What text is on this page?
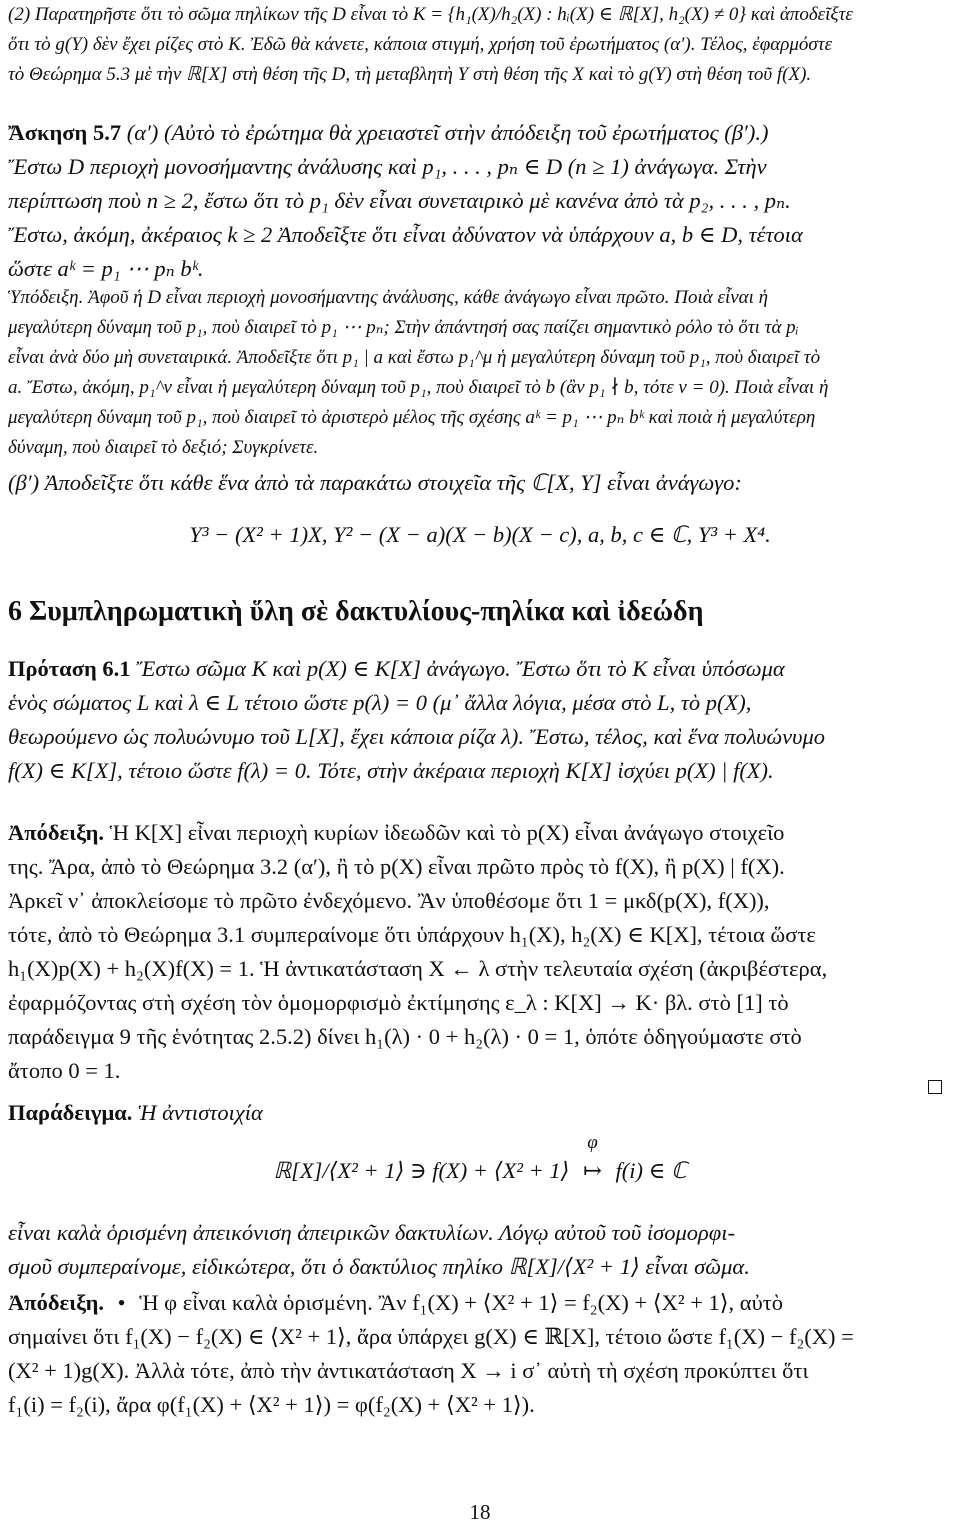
(2) Παρατηρῆστε ὅτι τὸ σῶμα πηλίκων τῆς D εἶναι τὸ K = {h₁(X)/h₂(X) : hᵢ(X) ∈ ℝ[X], h₂(X) ≠ 0} καὶ ἀποδεῖξτε
ὅτι τὸ g(Y) δὲν ἔχει ρίζες στὸ K. Ἐδῶ θὰ κάνετε, κάποια στιγμή, χρήση τοῦ ἐρωτήματος (α′). Τέλος, ἐφαρμόστε
τὸ Θεώρημα 5.3 μὲ τὴν ℝ[X] στὴ θέση τῆς D, τὴ μεταβλητὴ Y στὴ θέση τῆς X καὶ τὸ g(Y) στὴ θέση τοῦ f(X).
Ἄσκηση 5.7 (α′) (Αὐτὸ τὸ ἐρώτημα θὰ χρειαστεῖ στὴν ἀπόδειξη τοῦ ἐρωτήματος (β′).)
Ἔστω D περιοχὴ μονοσήμαντης ἀνάλυσης καὶ p₁, . . . , pₙ ∈ D (n ≥ 1) ἀνάγωγα. Στὴν
περίπτωση ποὺ n ≥ 2, ἔστω ὅτι τὸ p₁ δὲν εἶναι συνεταιρικὸ μὲ κανένα ἀπὸ τὰ p₂, . . . , pₙ.
Ἔστω, ἀκόμη, ἀκέραιος k ≥ 2 Ἀποδεῖξτε ὅτι εἶναι ἀδύνατον νὰ ὑπάρχουν a, b ∈ D, τέτοια
ὥστε aᵏ = p₁ ⋯ pₙ bᵏ.
Ὑπόδειξη. Ἀφοῦ ἡ D εἶναι περιοχὴ μονοσήμαντης ἀνάλυσης, κάθε ἀνάγωγο εἶναι πρῶτο. Ποιὰ εἶναι ἡ
μεγαλύτερη δύναμη τοῦ p₁, ποὺ διαιρεῖ τὸ p₁ ⋯ pₙ; Στὴν ἀπάντησή σας παίζει σημαντικὸ ρόλο τὸ ὅτι τὰ pᵢ
εἶναι ἀνὰ δύο μὴ συνεταιρικά. Ἀποδεῖξτε ὅτι p₁ | a καὶ ἔστω p₁^μ ἡ μεγαλύτερη δύναμη τοῦ p₁, ποὺ διαιρεῖ τὸ
a. Ἔστω, ἀκόμη, p₁^ν εἶναι ἡ μεγαλύτερη δύναμη τοῦ p₁, ποὺ διαιρεῖ τὸ b (ἂν p₁ ∤ b, τότε ν = 0). Ποιὰ εἶναι ἡ
μεγαλύτερη δύναμη τοῦ p₁, ποὺ διαιρεῖ τὸ ἀριστερὸ μέλος τῆς σχέσης aᵏ = p₁ ⋯ pₙ bᵏ καὶ ποιὰ ἡ μεγαλύτερη
δύναμη, ποὺ διαιρεῖ τὸ δεξιό; Συγκρίνετε.
(β′) Ἀποδεῖξτε ὅτι κάθε ἕνα ἀπὸ τὰ παρακάτω στοιχεῖα τῆς ℂ[X, Y] εἶναι ἀνάγωγο:
Y³ − (X² + 1)X, Y² − (X − a)(X − b)(X − c), a, b, c ∈ ℂ, Y³ + X⁴.
6 Συμπληρωματικὴ ὕλη σὲ δακτυλίους-πηλίκα καὶ ἰδεώδη
Πρόταση 6.1 Ἔστω σῶμα K καὶ p(X) ∈ K[X] ἀνάγωγο. Ἔστω ὅτι τὸ K εἶναι ὑπόσωμα
ἑνὸς σώματος L καὶ λ ∈ L τέτοιο ὥστε p(λ) = 0 (μ᾽ ἄλλα λόγια, μέσα στὸ L, τὸ p(X),
θεωρούμενο ὡς πολυώνυμο τοῦ L[X], ἔχει κάποια ρίζα λ). Ἔστω, τέλος, καὶ ἕνα πολυώνυμο
f(X) ∈ K[X], τέτοιο ὥστε f(λ) = 0. Τότε, στὴν ἀκέραια περιοχὴ K[X] ἰσχύει p(X) | f(X).
Ἀπόδειξη. Ἡ K[X] εἶναι περιοχὴ κυρίων ἰδεωδῶν καὶ τὸ p(X) εἶναι ἀνάγωγο στοιχεῖο
της. Ἄρα, ἀπὸ τὸ Θεώρημα 3.2 (α′), ἢ τὸ p(X) εἶναι πρῶτο πρὸς τὸ f(X), ἢ p(X) | f(X).
Ἀρκεῖ ν᾽ ἀποκλείσομε τὸ πρῶτο ἐνδεχόμενο. Ἂν ὑποθέσομε ὅτι 1 = μκδ(p(X), f(X)),
τότε, ἀπὸ τὸ Θεώρημα 3.1 συμπεραίνομε ὅτι ὑπάρχουν h₁(X), h₂(X) ∈ K[X], τέτοια ὥστε
h₁(X)p(X) + h₂(X)f(X) = 1. Ἡ ἀντικατάσταση X ← λ στὴν τελευταία σχέση (ἀκριβέστερα,
ἐφαρμόζοντας στὴ σχέση τὸν ὁμομορφισμὸ ἐκτίμησης ε_λ : K[X] → K· βλ. στὸ [1] τὸ
παράδειγμα 9 τῆς ἑνότητας 2.5.2) δίνει h₁(λ) · 0 + h₂(λ) · 0 = 1, ὁπότε ὁδηγούμαστε στὸ
ἄτοπο 0 = 1.
Παράδειγμα. Ἡ ἀντιστοιχία
ℝ[X]/⟨X² + 1⟩ ∋ f(X) + ⟨X² + 1⟩
φ
↦ f(i) ∈ ℂ
εἶναι καλὰ ὁρισμένη ἀπεικόνιση ἀπειρικῶν δακτυλίων. Λόγῳ αὐτοῦ τοῦ ἰσομορφι-
σμοῦ συμπεραίνομε, εἰδικώτερα, ὅτι ὁ δακτύλιος πηλίκο ℝ[X]/⟨X² + 1⟩ εἶναι σῶμα.
Ἀπόδειξη. • Ἡ φ εἶναι καλὰ ὁρισμένη. Ἂν f₁(X) + ⟨X² + 1⟩ = f₂(X) + ⟨X² + 1⟩, αὐτὸ
σημαίνει ὅτι f₁(X) − f₂(X) ∈ ⟨X² + 1⟩, ἄρα ὑπάρχει g(X) ∈ ℝ[X], τέτοιο ὥστε f₁(X) − f₂(X) =
(X² + 1)g(X). Ἀλλὰ τότε, ἀπὸ τὴν ἀντικατάσταση X → i σ᾽ αὐτὴ τὴ σχέση προκύπτει ὅτι
f₁(i) = f₂(i), ἄρα φ(f₁(X) + ⟨X² + 1⟩) = φ(f₂(X) + ⟨X² + 1⟩).
18
